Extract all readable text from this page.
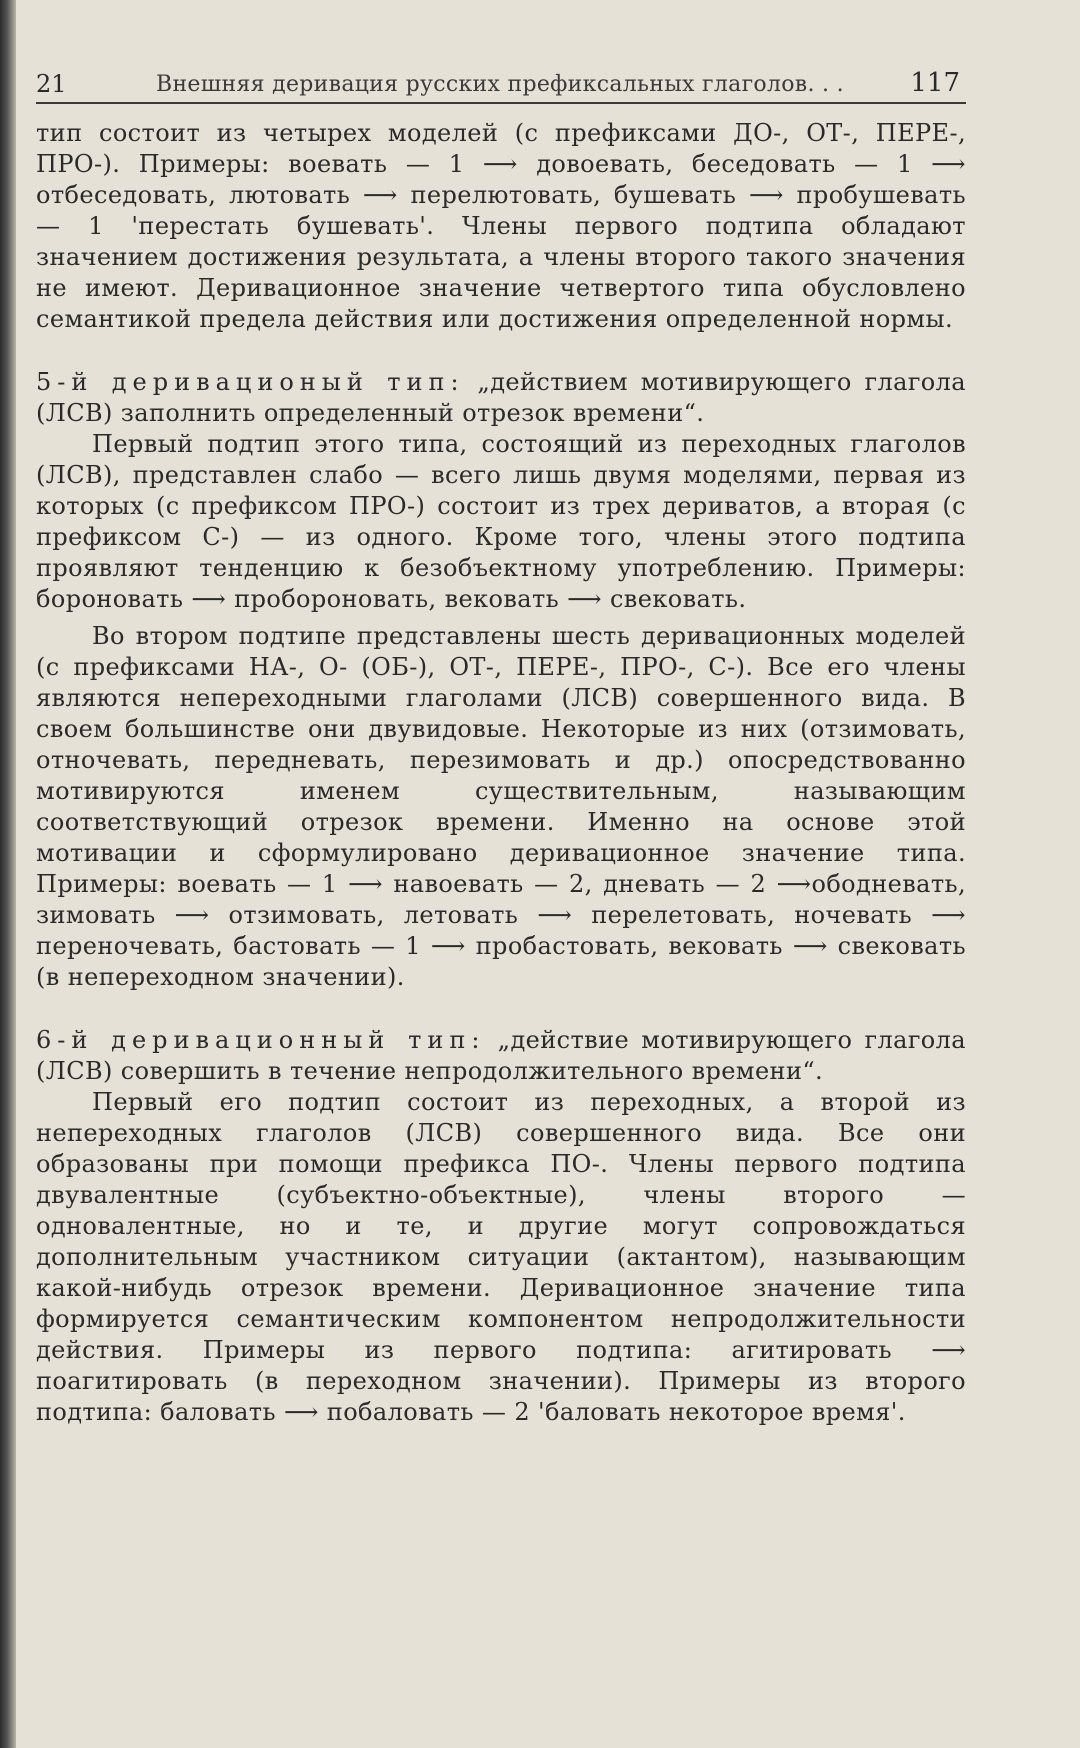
21	Внешняя деривация русских префиксальных глаголов. . .	117

тип состоит из четырех моделей (с префиксами ДО-, ОТ-, ПЕРЕ-, ПРО-). Примеры: воевать — 1 ⟶ довоевать, беседовать — 1 ⟶ отбеседовать, лютовать ⟶ перелютовать, бушевать ⟶ пробушевать — 1 'перестать бушевать'. Члены первого подтипа обладают значением достижения результата, а члены второго такого значения не имеют. Деривационное значение четвертого типа обусловлено семантикой предела действия или достижения определенной нормы.

5-й деривационый тип: „действием мотивирующего глагола (ЛСВ) заполнить определенный отрезок времени“.

Первый подтип этого типа, состоящий из переходных глаголов (ЛСВ), представлен слабо — всего лишь двумя моделями, первая из которых (с префиксом ПРО-) состоит из трех дериватов, а вторая (с префиксом С-) — из одного. Кроме того, члены этого подтипа проявляют тенденцию к безобъектному употреблению. Примеры: бороновать ⟶ пробороновать, вековать ⟶ свековать.

Во втором подтипе представлены шесть деривационных моделей (с префиксами НА-, О- (ОБ-), ОТ-, ПЕРЕ-, ПРО-, С-). Все его члены являются непереходными глаголами (ЛСВ) совершенного вида. В своем большинстве они двувидовые. Некоторые из них (отзимовать, отночевать, передневать, перезимовать и др.) опосредствованно мотивируются именем существительным, называющим соответствующий отрезок времени. Именно на основе этой мотивации и сформулировано деривационное значение типа. Примеры: воевать — 1 ⟶ навоевать — 2, дневать — 2 ⟶ободневать, зимовать ⟶ отзимовать, летовать ⟶ перелетовать, ночевать ⟶ переночевать, бастовать — 1 ⟶ пробастовать, вековать ⟶ свековать (в непереходном значении).

6-й деривационный тип: „действие мотивирующего глагола (ЛСВ) совершить в течение непродолжительного времени“.

Первый его подтип состоит из переходных, а второй из непереходных глаголов (ЛСВ) совершенного вида. Все они образованы при помощи префикса ПО-. Члены первого подтипа двувалентные (субъектно-объектные), члены второго — одновалентные, но и те, и другие могут сопровождаться дополнительным участником ситуации (актантом), называющим какой-нибудь отрезок времени. Деривационное значение типа формируется семантическим компонентом непродолжительности действия. Примеры из первого подтипа: агитировать ⟶ поагитировать (в переходном значении). Примеры из второго подтипа: баловать ⟶ побаловать — 2 'баловать некоторое время'.
